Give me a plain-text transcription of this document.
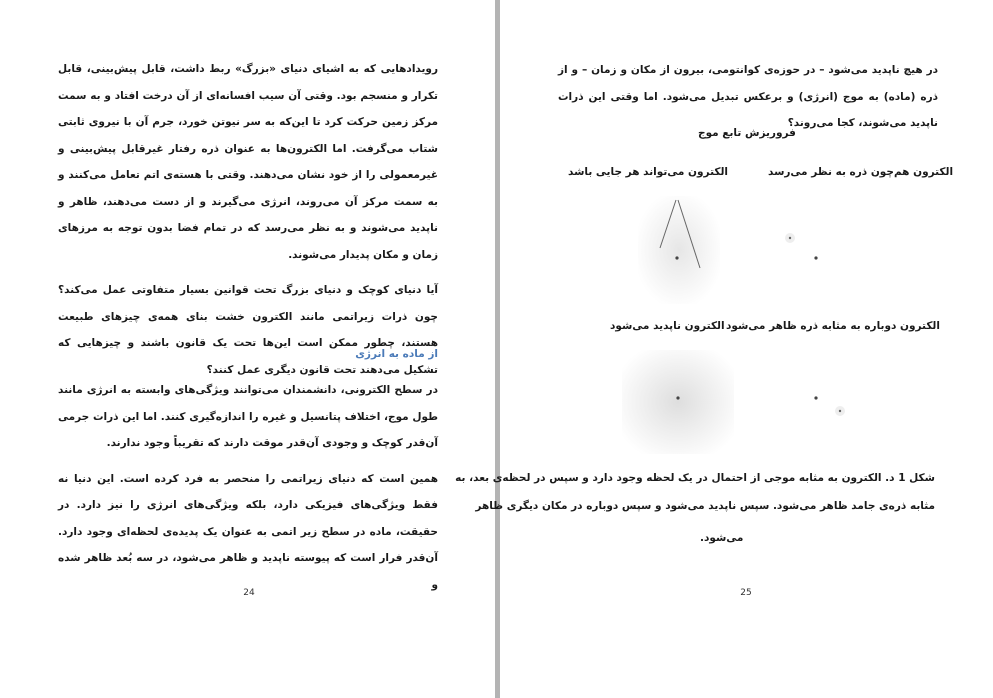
رویدادهایی که به اشیای دنیای «بزرگ» ربط داشت، قابل پیش‌بینی، قابل تکرار و منسجم بود. وقتی آن سیب افسانه‌ای از آن درخت افتاد و به سمت مرکز زمین حرکت کرد تا این‌که به سر نیوتن خورد، جرم آن با نیروی ثابتی شتاب می‌گرفت. اما الکترون‌ها به عنوان ذره رفتار غیرقابل پیش‌بینی و غیرمعمولی را از خود نشان می‌دهند. وقتی با هسته‌ی اتم تعامل می‌کنند و به سمت مرکز آن می‌روند، انرژی می‌گیرند و از دست می‌دهند، ظاهر و ناپدید می‌شوند و به نظر می‌رسد که در تمام فضا بدون توجه به مرزهای زمان و مکان پدیدار می‌شوند.

آیا دنیای کوچک و دنیای بزرگ تحت قوانین بسیار متفاوتی عمل می‌کند؟ چون ذرات زیراتمی مانند الکترون خشت بنای همه‌ی چیزهای طبیعت هستند، چطور ممکن است این‌ها تحت یک قانون باشند و چیزهایی که تشکیل می‌دهند تحت قانون دیگری عمل کنند؟

از ماده به انرژی

در سطح الکترونی، دانشمندان می‌توانند ویژگی‌های وابسته به انرژی مانند طول موج، اختلاف پتانسیل و غیره را اندازه‌گیری کنند. اما این ذرات جرمی آن‌قدر کوچک و وجودی آن‌قدر موقت دارند که تقریباً وجود ندارند.

همین است که دنیای زیراتمی را منحصر به فرد کرده است. این دنیا نه فقط ویژگی‌های فیزیکی دارد، بلکه ویژگی‌های انرژی را نیز دارد. در حقیقت، ماده در سطح زیر اتمی به عنوان یک پدیده‌ی لحظه‌ای وجود دارد. آن‌قدر فرار است که پیوسته ناپدید و ظاهر می‌شود، در سه بُعد ظاهر شده و

24
در هیچ ناپدید می‌شود – در حوزه‌ی کوانتومی، بیرون از مکان و زمان – و از ذره (ماده) به موج (انرژی) و برعکس تبدیل می‌شود. اما وقتی این ذرات ناپدید می‌شوند، کجا می‌روند؟
فروریزش تابع موج
الکترون هم‌چون ذره به نظر می‌رسد
الکترون می‌تواند هر جایی باشد
الکترون دوباره به مثابه ذره ظاهر می‌شود
الکترون ناپدید می‌شود
شکل 1 د. الکترون به مثابه موجی از احتمال در یک لحظه وجود دارد و سپس در لحظه‌ی بعد، به
مثابه ذره‌ی جامد ظاهر می‌شود. سپس ناپدید می‌شود و سپس دوباره در مکان دیگری ظاهر
می‌شود.
25
